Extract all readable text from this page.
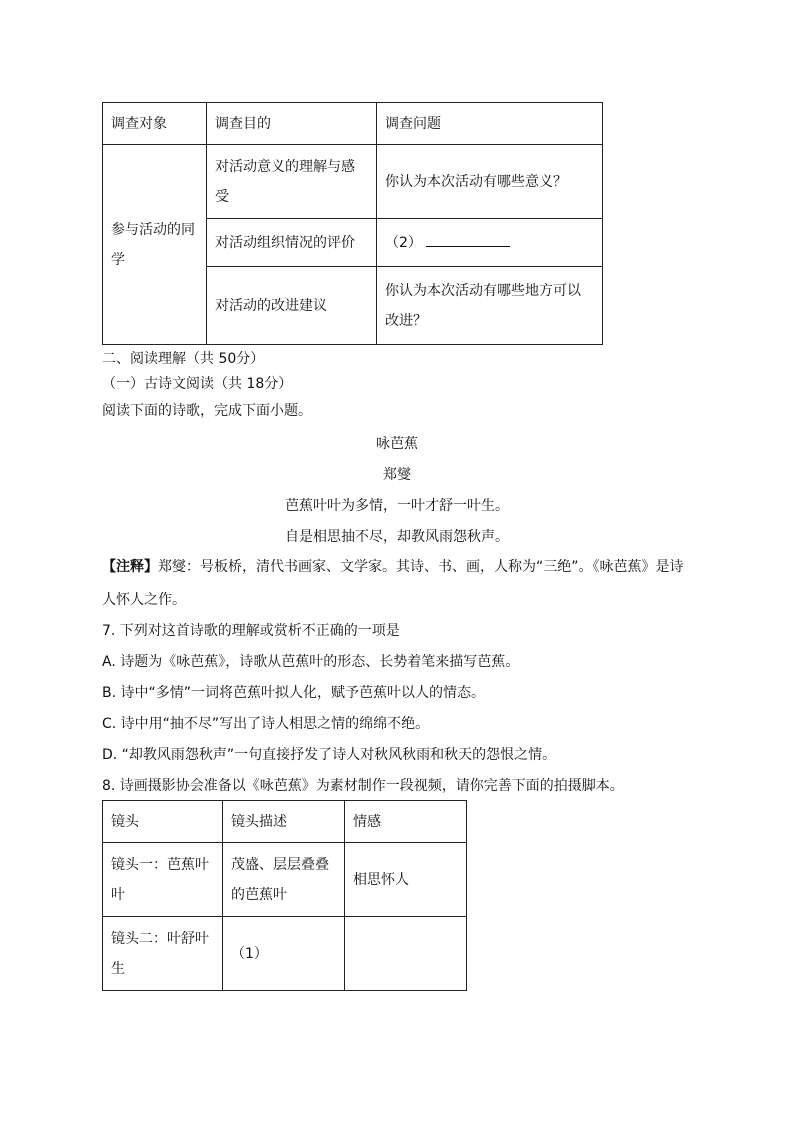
调查对象	调查目的	调查问题
参与活动的同学	对活动意义的理解与感受	你认为本次活动有哪些意义？
	对活动组织情况的评价	（2）
	对活动的改进建议	你认为本次活动有哪些地方可以改进？
二、阅读理解（共 50分）
（一）古诗文阅读（共 18分）
阅读下面的诗歌，完成下面小题。
咏芭蕉
郑燮
芭蕉叶叶为多情，一叶才舒一叶生。
自是相思抽不尽，却教风雨怨秋声。
【注释】郑燮：号板桥，清代书画家、文学家。其诗、书、画，人称为“三绝”。《咏芭蕉》是诗
人怀人之作。
7. 下列对这首诗歌的理解或赏析不正确的一项是
A. 诗题为《咏芭蕉》，诗歌从芭蕉叶的形态、长势着笔来描写芭蕉。
B. 诗中“多情”一词将芭蕉叶拟人化，赋予芭蕉叶以人的情态。
C. 诗中用“抽不尽”写出了诗人相思之情的绵绵不绝。
D. “却教风雨怨秋声”一句直接抒发了诗人对秋风秋雨和秋天的怨恨之情。
8. 诗画摄影协会准备以《咏芭蕉》为素材制作一段视频，请你完善下面的拍摄脚本。
镜头	镜头描述	情感
镜头一：芭蕉叶叶	茂盛、层层叠叠的芭蕉叶	相思怀人
镜头二：叶舒叶生	（1）	
